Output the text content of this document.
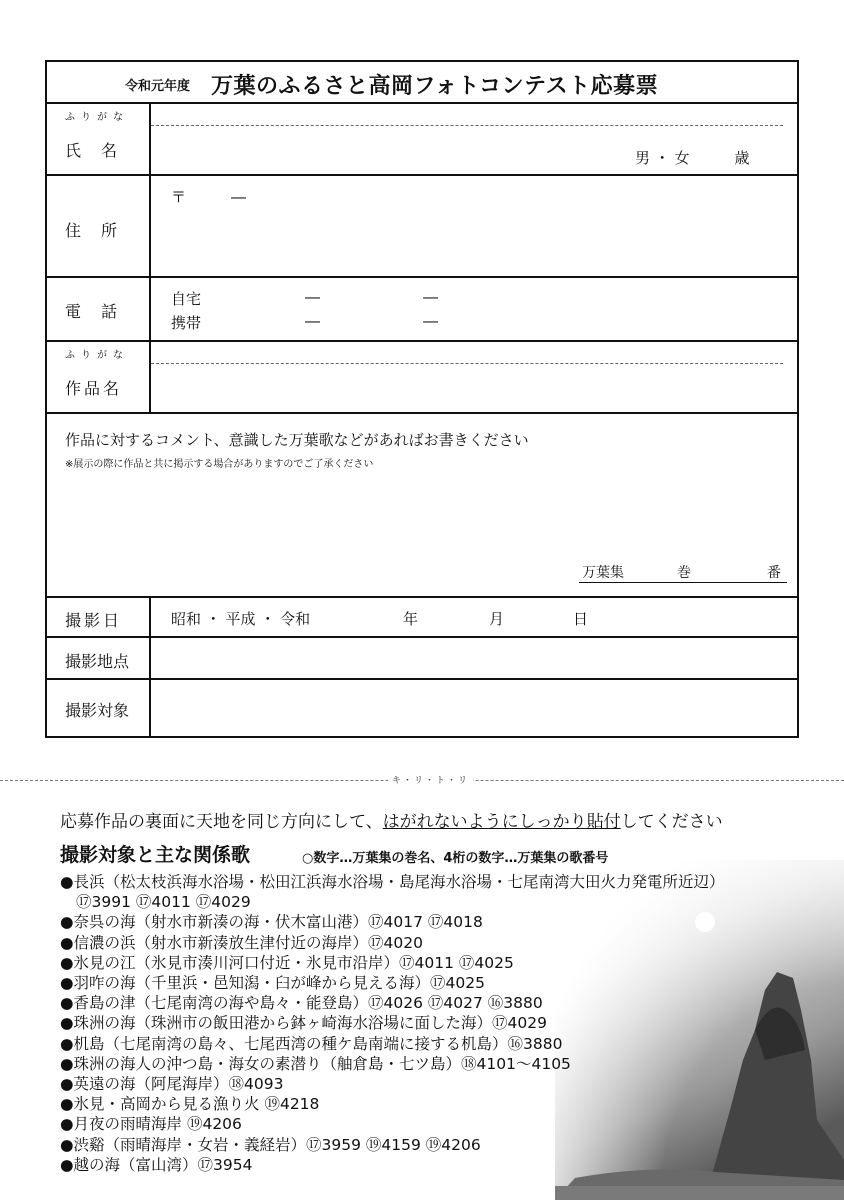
令和元年度 万葉のふるさと高岡フォトコンテスト応募票
ふりがな
氏　名	男 ・ 女　　　歳
住　所
〒　　　―
電　話
自宅	―	―
携帯	―	―
ふりがな
作品名
作品に対するコメント、意識した万葉歌などがあればお書きください
※展示の際に作品と共に掲示する場合がありますのでご了承ください
万葉集	巻	番
撮影日	昭和 ・ 平成 ・ 令和	年	月	日
撮影地点
撮影対象
キ・リ・ト・リ
応募作品の裏面に天地を同じ方向にして、はがれないようにしっかり貼付してください
撮影対象と主な関係歌	○数字…万葉集の巻名、4桁の数字…万葉集の歌番号
●長浜（松太枝浜海水浴場・松田江浜海水浴場・島尾海水浴場・七尾南湾大田火力発電所近辺）
⑰3991 ⑰4011 ⑰4029
●奈呉の海（射水市新湊の海・伏木富山港）⑰4017 ⑰4018
●信濃の浜（射水市新湊放生津付近の海岸）⑰4020
●氷見の江（氷見市湊川河口付近・氷見市沿岸）⑰4011 ⑰4025
●羽咋の海（千里浜・邑知潟・臼が峰から見える海）⑰4025
●香島の津（七尾南湾の海や島々・能登島）⑰4026 ⑰4027 ⑯3880
●珠洲の海（珠洲市の飯田港から鉢ヶ崎海水浴場に面した海）⑰4029
●机島（七尾南湾の島々、七尾西湾の種ケ島南端に接する机島）⑯3880
●珠洲の海人の沖つ島・海女の素潜り（舳倉島・七ツ島）⑱4101～4105
●英遠の海（阿尾海岸）⑱4093
●氷見・高岡から見る漁り火 ⑲4218
●月夜の雨晴海岸 ⑲4206
●渋谿（雨晴海岸・女岩・義経岩）⑰3959 ⑲4159 ⑲4206
●越の海（富山湾）⑰3954
